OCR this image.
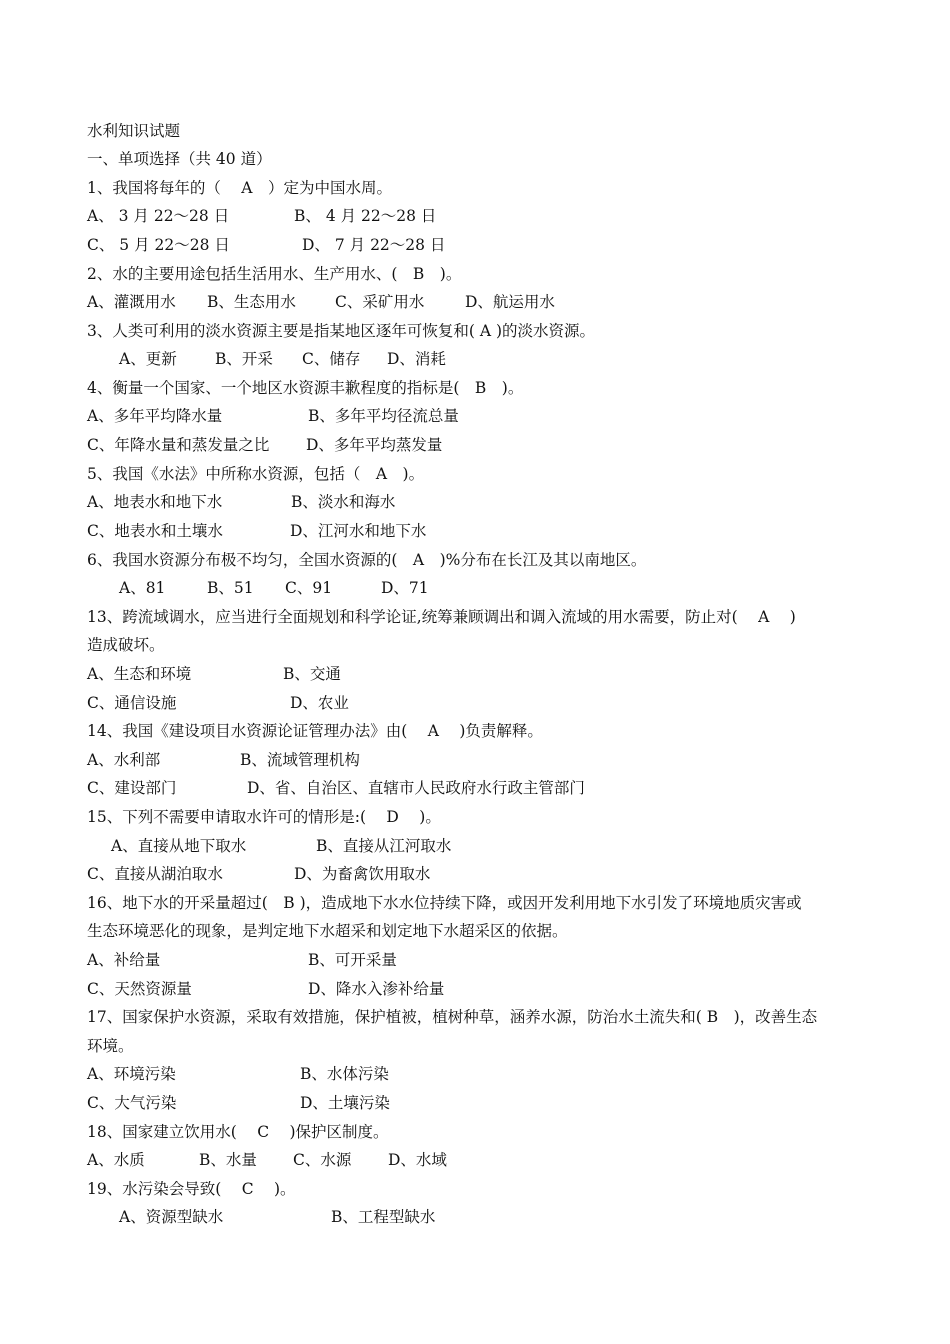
水利知识试题
一、单项选择（共 40 道）
1、我国将每年的（　 A　）定为中国水周。
A、 3 月 22～28 日	B、 4 月 22～28 日
C、 5 月 22～28 日	D、 7 月 22～28 日
2、水的主要用途包括生活用水、生产用水、(　B　)。
A、灌溉用水 B、生态用水	C、采矿用水	D、航运用水
3、人类可利用的淡水资源主要是指某地区逐年可恢复和( A )的淡水资源。
A、更新 B、开采 C、储存 D、消耗
4、衡量一个国家、一个地区水资源丰歉程度的指标是(　B　)。
A、多年平均降水量	B、多年平均径流总量
C、年降水量和蒸发量之比 D、多年平均蒸发量
5、我国《水法》中所称水资源，包括（　A　)。
A、地表水和地下水	B、淡水和海水
C、地表水和土壤水	D、江河水和地下水
6、我国水资源分布极不均匀，全国水资源的(　A　)%分布在长江及其以南地区。
A、81	B、51 C、91	D、71
13、跨流域调水，应当进行全面规划和科学论证,统筹兼顾调出和调入流域的用水需要，防止对(　 A　 )
造成破坏。
A、生态和环境	B、交通
C、通信设施	D、农业
14、我国《建设项目水资源论证管理办法》由(　 A　 )负责解释。
A、水利部	B、流域管理机构
C、建设部门	D、省、自治区、直辖市人民政府水行政主管部门
15、下列不需要申请取水许可的情形是:(　 D　 )。
A、直接从地下取水	B、直接从江河取水
C、直接从湖泊取水	D、为畜禽饮用取水
16、地下水的开采量超过(　B )，造成地下水水位持续下降，或因开发利用地下水引发了环境地质灾害或
生态环境恶化的现象，是判定地下水超采和划定地下水超采区的依据。
A、补给量	B、可开采量
C、天然资源量	D、降水入渗补给量
17、国家保护水资源，采取有效措施，保护植被，植树种草，涵养水源，防治水土流失和( B　)，改善生态
环境。
A、环境污染	B、水体污染
C、大气污染	D、土壤污染
18、国家建立饮用水(　 C　 )保护区制度。
A、水质	B、水量 C、水源 D、水域
19、水污染会导致(　 C　 )。
A、资源型缺水	B、工程型缺水
